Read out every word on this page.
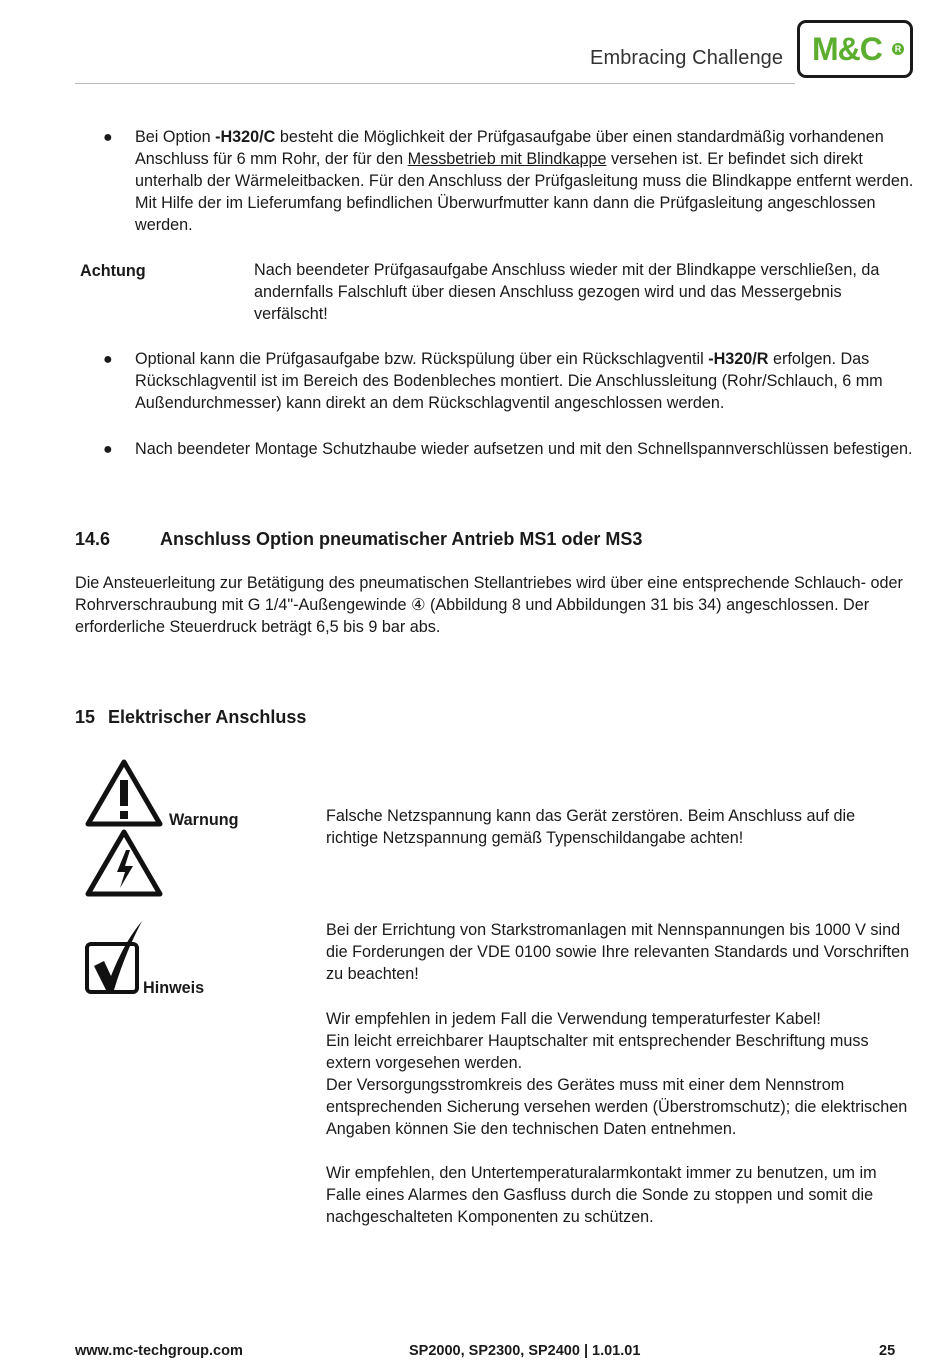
Embracing Challenge M&C	R
● Bei Option -H320/C besteht die Möglichkeit der Prüfgasaufgabe über einen standardmäßig vorhandenen Anschluss für 6 mm Rohr, der für den Messbetrieb mit Blindkappe versehen ist. Er befindet sich direkt unterhalb der Wärmeleitbacken. Für den Anschluss der Prüfgasleitung muss die Blindkappe entfernt werden. Mit Hilfe der im Lieferumfang befindlichen Überwurfmutter kann dann die Prüfgasleitung angeschlossen werden.
Achtung	Nach beendeter Prüfgasaufgabe Anschluss wieder mit der Blindkappe verschließen, da andernfalls Falschluft über diesen Anschluss gezogen wird und das Messergebnis verfälscht!
● Optional kann die Prüfgasaufgabe bzw. Rückspülung über ein Rückschlagventil -H320/R erfolgen. Das Rückschlagventil ist im Bereich des Bodenbleches montiert. Die Anschlussleitung (Rohr/Schlauch, 6 mm Außendurchmesser) kann direkt an dem Rückschlagventil angeschlossen werden.
● Nach beendeter Montage Schutzhaube wieder aufsetzen und mit den Schnellspannverschlüssen befestigen.
14.6	Anschluss Option pneumatischer Antrieb MS1 oder MS3
Die Ansteuerleitung zur Betätigung des pneumatischen Stellantriebes wird über eine entsprechende Schlauch- oder Rohrverschraubung mit G 1/4"-Außengewinde ④ (Abbildung 8 und Abbildungen 31 bis 34) angeschlossen. Der erforderliche Steuerdruck beträgt 6,5 bis 9 bar abs.
15 Elektrischer Anschluss
Warnung	Falsche Netzspannung kann das Gerät zerstören. Beim Anschluss auf die richtige Netzspannung gemäß Typenschildangabe achten!
Hinweis
Bei der Errichtung von Starkstromanlagen mit Nennspannungen bis 1000 V sind die Forderungen der VDE 0100 sowie Ihre relevanten Standards und Vorschriften zu beachten!
Wir empfehlen in jedem Fall die Verwendung temperaturfester Kabel!
Ein leicht erreichbarer Hauptschalter mit entsprechender Beschriftung muss extern vorgesehen werden.
Der Versorgungsstromkreis des Gerätes muss mit einer dem Nennstrom entsprechenden Sicherung versehen werden (Überstromschutz); die elektrischen Angaben können Sie den technischen Daten entnehmen.
Wir empfehlen, den Untertemperaturalarmkontakt immer zu benutzen, um im Falle eines Alarmes den Gasfluss durch die Sonde zu stoppen und somit die nachgeschalteten Komponenten zu schützen.
www.mc-techgroup.com	SP2000, SP2300, SP2400 | 1.01.01	25
